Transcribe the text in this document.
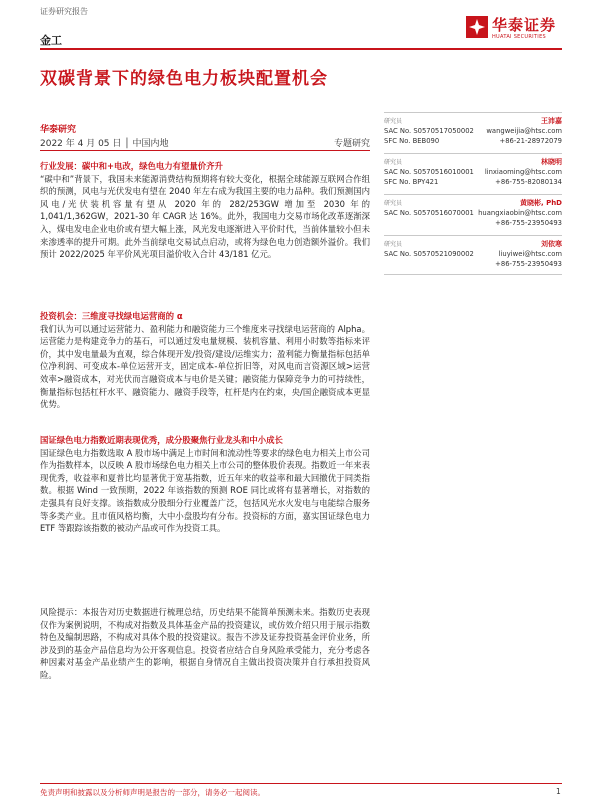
证券研究报告
金工
华泰证券
HUATAI SECURITIES
双碳背景下的绿色电力板块配置机会
华泰研究
2022 年 4 月 05 日 │ 中国内地	专题研究
行业发展：碳中和+电改，绿色电力有望量价齐升
“碳中和”背景下，我国未来能源消费结构预期将有较大变化，根据全球能源互联网合作组织的预测，风电与光伏发电有望在 2040 年左右成为我国主要的电力品种。我们预测国内风电/光伏装机容量有望从 2020 年的 282/253GW 增加至 2030 年的 1,041/1,362GW，2021-30 年 CAGR 达 16%。此外，我国电力交易市场化改革逐渐深入，煤电发电企业电价或有望大幅上涨，风光发电逐渐进入平价时代，当前体量较小但未来渗透率的提升可期。此外当前绿电交易试点启动，或将为绿色电力创造额外溢价。我们预计 2022/2025 年平价风光项目溢价收入合计 43/181 亿元。
投资机会：三维度寻找绿电运营商的 α
我们认为可以通过运营能力、盈利能力和融资能力三个维度来寻找绿电运营商的 Alpha。运营能力是构建竞争力的基石，可以通过发电量规模、装机容量、利用小时数等指标来评价，其中发电量最为直观，综合体现开发/投资/建设/运维实力；盈利能力衡量指标包括单位净利润、可变成本-单位运营开支，固定成本-单位折旧等，对风电而言资源区域>运营效率>融资成本，对光伏而言融资成本与电价是关键；融资能力保障竞争力的可持续性，衡量指标包括杠杆水平、融资能力、融资手段等，杠杆是内在约束，央/国企融资成本更显优势。
国证绿色电力指数近期表现优秀，成分股聚焦行业龙头和中小成长
国证绿色电力指数选取 A 股市场中满足上市时间和流动性等要求的绿色电力相关上市公司作为指数样本，以反映 A 股市场绿色电力相关上市公司的整体股价表现。指数近一年来表现优秀，收益率和夏普比均显著优于宽基指数，近五年来的收益率和最大回撤优于同类指数。根据 Wind 一致预期，2022 年该指数的预测 ROE 同比或将有显著增长，对指数的走强具有良好支撑。该指数成分股细分行业覆盖广泛，包括风光水火发电与电能综合服务等多类产业。且市值风格均衡，大中小盘股均有分布。投资标的方面，嘉实国证绿色电力 ETF 等跟踪该指数的被动产品或可作为投资工具。
风险提示：本报告对历史数据进行梳理总结，历史结果不能简单预测未来。指数历史表现仅作为案例说明，不构成对指数及具体基金产品的投资建议，或仿效介绍只用于展示指数特色及编制思路，不构成对具体个股的投资建议。报告不涉及证券投资基金评价业务，所涉及到的基金产品信息均为公开客观信息。投资者应结合自身风险承受能力，充分考虑各种因素对基金产品业绩产生的影响，根据自身情况自主做出投资决策并自行承担投资风险。
研究员	王沛嘉
SAC No. S0570517050002 wangweijia@htsc.com
SFC No. BEB090	+86-21-28972079
研究员	林晓明
SAC No. S0570516010001 linxiaoming@htsc.com
SFC No. BPY421	+86-755-82080134
研究员	黄晓彬, PhD
SAC No. S0570516070001 huangxiaobin@htsc.com
+86-755-23950493
研究员	刘依寒
SAC No. S0570521090002	liuyiwei@htsc.com
+86-755-23950493
免责声明和披露以及分析师声明是报告的一部分，请务必一起阅读。	1
